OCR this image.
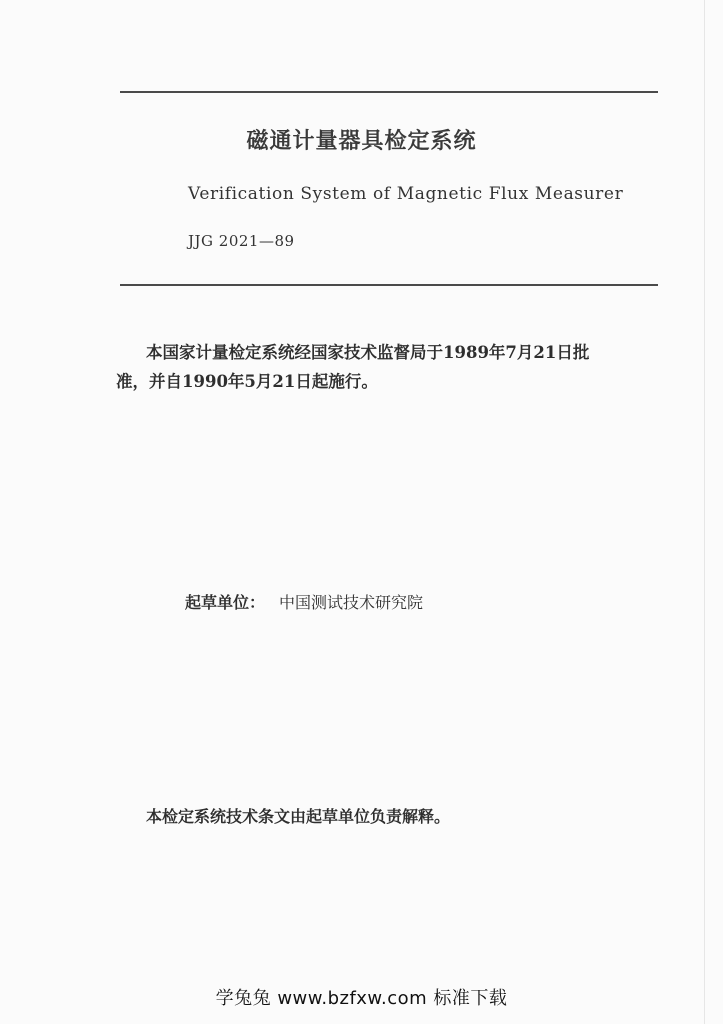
磁通计量器具检定系统
Verification System of Magnetic Flux Measurer
JJG 2021—89

本国家计量检定系统经国家技术监督局于1989年7月21日批

准，并自1990年5月21日起施行。

起草单位： 中国测试技术研究院
本检定系统技术条文由起草单位负责解释。
学兔兔 www.bzfxw.com 标准下载
